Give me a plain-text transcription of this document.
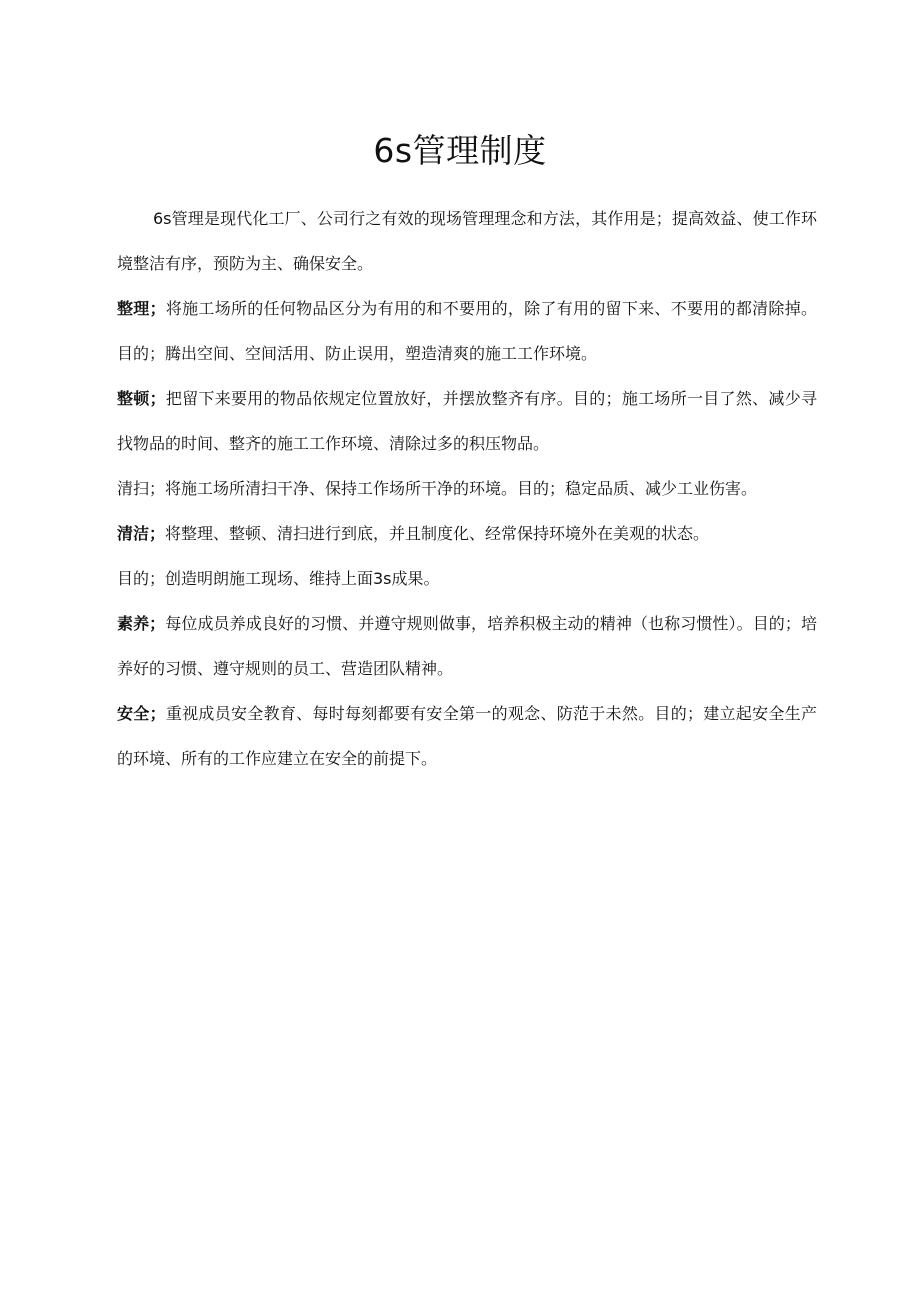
6s管理制度

6s管理是现代化工厂、公司行之有效的现场管理理念和方法，其作用是；提高效益、使工作环境整洁有序，预防为主、确保安全。

整理；将施工场所的任何物品区分为有用的和不要用的，除了有用的留下来、不要用的都清除掉。目的；腾出空间、空间活用、防止误用，塑造清爽的施工工作环境。

整顿；把留下来要用的物品依规定位置放好，并摆放整齐有序。目的；施工场所一目了然、减少寻找物品的时间、整齐的施工工作环境、清除过多的积压物品。

清扫；将施工场所清扫干净、保持工作场所干净的环境。目的；稳定品质、减少工业伤害。

清洁；将整理、整顿、清扫进行到底，并且制度化、经常保持环境外在美观的状态。

目的；创造明朗施工现场、维持上面3s成果。

素养；每位成员养成良好的习惯、并遵守规则做事，培养积极主动的精神（也称习惯性）。目的；培养好的习惯、遵守规则的员工、营造团队精神。

安全；重视成员安全教育、每时每刻都要有安全第一的观念、防范于未然。目的；建立起安全生产的环境、所有的工作应建立在安全的前提下。
